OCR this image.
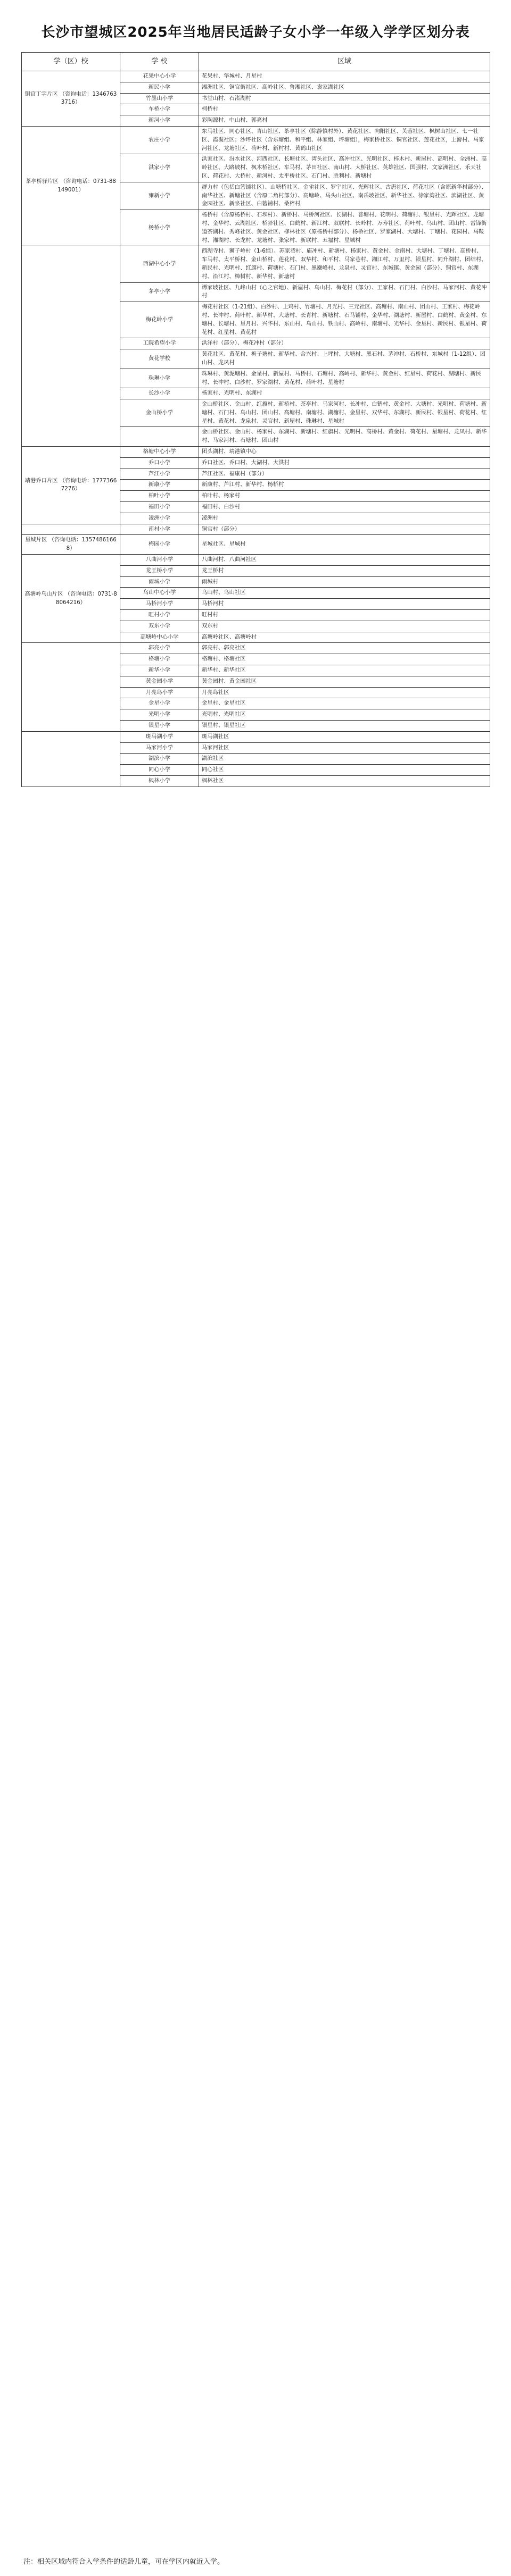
长沙市望城区2025年当地居民适龄子女小学一年级入学学区划分表
学（区）校	学 校	区域
铜官丁字片区 （咨询电话：13467633716）	花果中心小学	花果村、华城村、月星村
	新民小学	湘洲社区、铜官街社区、高岭社区、鲁湘社区、袁家湖社区
	竹墨山小学	书堂山村、石渚湖村
	车桥小学	柯桥村
	新河小学	彩陶源村、中山村、郭亮村
茶亭桥驿片区 （咨询电话：0731-88149001）	农庄小学	东马社区、同心社区、青山社区、茶亭社区（除静慎村外）、黄花社区、向阳社区、芙蓉社区、枫树山社区、七一社区、霞凝社区；沙坪社区（含东塘组、和平组、林家组、坪塘组），梅家桥社区、铜官社区、莲花社区，上游村、马家河社区、龙塘社区、荷叶村、新村村、黄鹤山社区
	洪家小学	洪家社区、汾水社区、河西社区、长塘社区、湾头社区、高冲社区、光明社区、梓木村、新屋村、高明村、全洲村、高岭社区、大路坡村、枫木桥社区、车马村、茅田社区、南山村、大桥社区、英雄社区、国强村、文家洲社区、乐天社区、荷花村、大桥村、新河村、太平桥社区、石门村、胜利村、新塘村
	雍新小学	群力村（包括白箬铺社区）、山塘桥社区、金雀社区、罗宇社区、光辉社区、古唐社区、荷花社区（含原新华村部分）、南华社区、新塘社区（含原二角村部分）、高塘岭、马头山社区、南岳坡社区、新华社区、徐家湾社区、滨湖社区、黄金园社区、新泉社区、白箬铺村、桑梓村
	杨桥小学	杨桥村（含原杨桥村、石坝村）、新桥村、马桥河社区、长湖村、普塘村、花明村、荷塘村、银星村、光辉社区、龙塘村、金华村、云湖社区、桥驿社区、白鹤村、新江村、双联村、长岭村、万寿社区、荷叶村、乌山村、团山村、雷锋街道茶湖村、秀峰社区、黄金社区、柳林社区（原杨桥村部分）、杨桥社区、罗家湖村、大塘村、丁塘村、花园村、马鞍村、湘湖村、长龙村、龙塘村、张家村、新联村、五福村、星城村
	西湖中心小学	西湖寺村、狮子岭村（1-6组）、苏家巷村、庙冲村、新塘村、杨家村、黄金村、金南村、大塘村、丁塘村、高桥村、车马村、太平桥村、金山桥村、莲花村、双华村、和平村、马家巷村、湘江村、万里村、银星村、同升湖村、团结村、新民村、光明村、红旗村、荷塘村、石门村、黑麋峰村、龙泉村、灵官村、东城镇、黄金园（部分）、铜官村、东湖村、沿江村、樟树村、新华村、新塘村
	茅亭小学	谭家坡社区、九峰山村（心之官地）、新屋村、乌山村、梅花村（部分）、王家村、石门村、白沙村、马家河村、黄花冲村
	梅花岭小学	梅花村社区（1-21组）、白沙村、上鸡村、竹塘村、月光村、三元社区、高塘村、南山村、团山村、王家村、梅花岭村、长冲村、荷叶村、新华村、大塘村、长青村、新塘村、石马铺村、金华村、湖塘村、新屋村、白鹤村、黄金村、东塘村、长塘村、星月村、兴华村、东山村、乌山村、铁山村、高岭村、南塘村、光华村、金星村、新民村、银星村、荷花村、红星村、黄花村
	工院希望小学	洪洋村（部分）、梅花冲村（部分）
	黄花学校	黄花社区、黄花村、梅子塘村、新华村、合兴村、上坪村、大塘村、黑石村、茅冲村、石桥村、东城村（1-12组）、团山村、龙凤村
	珠琳小学	珠琳村、黄泥塘村、金星村、新屋村、马桥村、石塘村、高岭村、新华村、黄金村、红星村、荷花村、湖塘村、新民村、长冲村、白沙村、罗家湖村、黄花村、荷叶村、星塘村
	长沙小学	杨家村、光明村、东湖村
	金山桥小学	金山桥社区、金山村、红旗村、新桥村、茶亭村、马家河村、长冲村、白鹤村、黄金村、大塘村、光明村、荷塘村、新塘村、石门村、乌山村、团山村、高塘村、南塘村、湖塘村、金星村、双华村、东湖村、新民村、银星村、荷花村、红星村、黄花村、龙泉村、灵官村、新屋村、珠琳村、星城村
		金山桥社区、金山村、杨家村、东湖村、新塘村、红旗村、光明村、高桥村、黄金村、荷花村、星塘村、龙凤村、新华村、马家河村、石塘村、团山村
靖港乔口片区 （咨询电话：17773667276）	格塘中心小学	团头湖村、靖港镇中心
	乔口小学	乔口社区、乔口村、大湖村、大洪村
	芦江小学	芦江社区、福康村（部分）
	新康小学	新康村、芦江村、新华村、杨桥村
	柏叶小学	柏叶村、杨家村
	福田小学	福田村、白沙村
	凌洲小学	凌洲村
	南村小学	铜官村（部分）
星城片区 （咨询电话：13574861668）	梅园小学	星城社区、星城村
高塘岭乌山片区 （咨询电话：0731-88064216）	八曲河小学	八曲河村、八曲河社区
	龙王桥小学	龙王桥村
	雨城小学	雨城村
	乌山中心小学	乌山村、乌山社区
	马桥河小学	马桥河村
	旺村小学	旺村村
	双东小学	双东村
	高塘岭中心小学	高塘岭社区、高塘岭村
	郭亮小学	郭亮村、郭亮社区
	格塘小学	格塘村、格塘社区
	新华小学	新华村、新华社区
	黄金园小学	黄金园村、黄金园社区
	月亮岛小学	月亮岛社区
	金星小学	金星村、金星社区
	光明小学	光明村、光明社区
	银星小学	银星村、银星社区
	斑马湖小学	斑马湖社区
	马家河小学	马家河社区
	湖滨小学	湖滨社区
	同心小学	同心社区
	枫林小学	枫林社区
注：相关区域内符合入学条件的适龄儿童，可在学区内就近入学。
